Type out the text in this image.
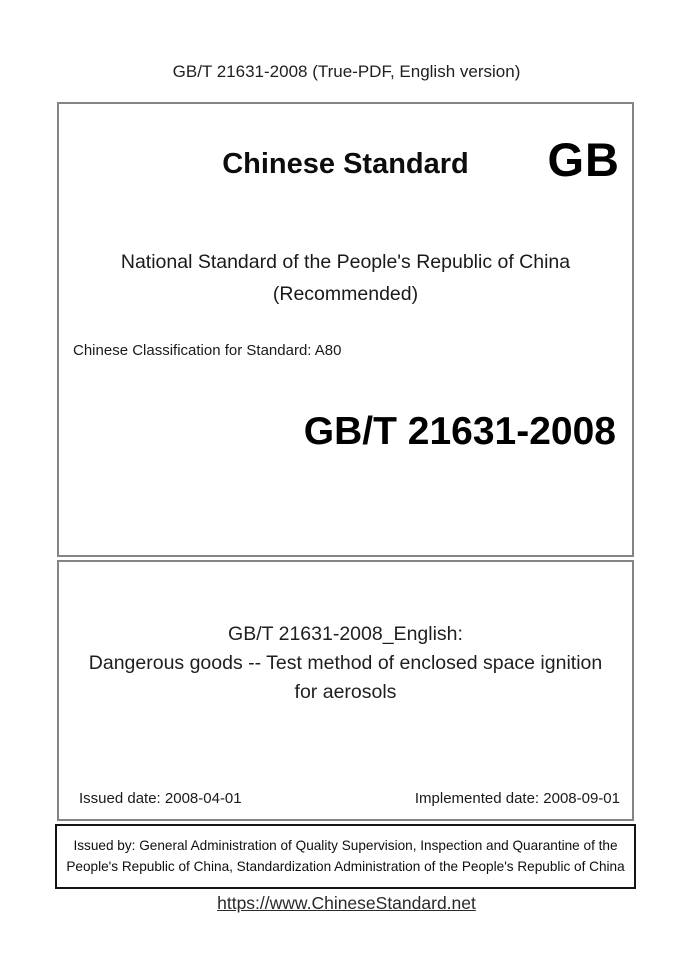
GB/T 21631-2008 (True-PDF, English version)
Chinese Standard	GB
National Standard of the People's Republic of China
(Recommended)
Chinese Classification for Standard: A80
GB/T 21631-2008
GB/T 21631-2008_English:
Dangerous goods -- Test method of enclosed space ignition
for aerosols
Issued date: 2008-04-01	Implemented date: 2008-09-01
Issued by: General Administration of Quality Supervision, Inspection and Quarantine of the People's Republic of China, Standardization Administration of the People's Republic of China
https://www.ChineseStandard.net
